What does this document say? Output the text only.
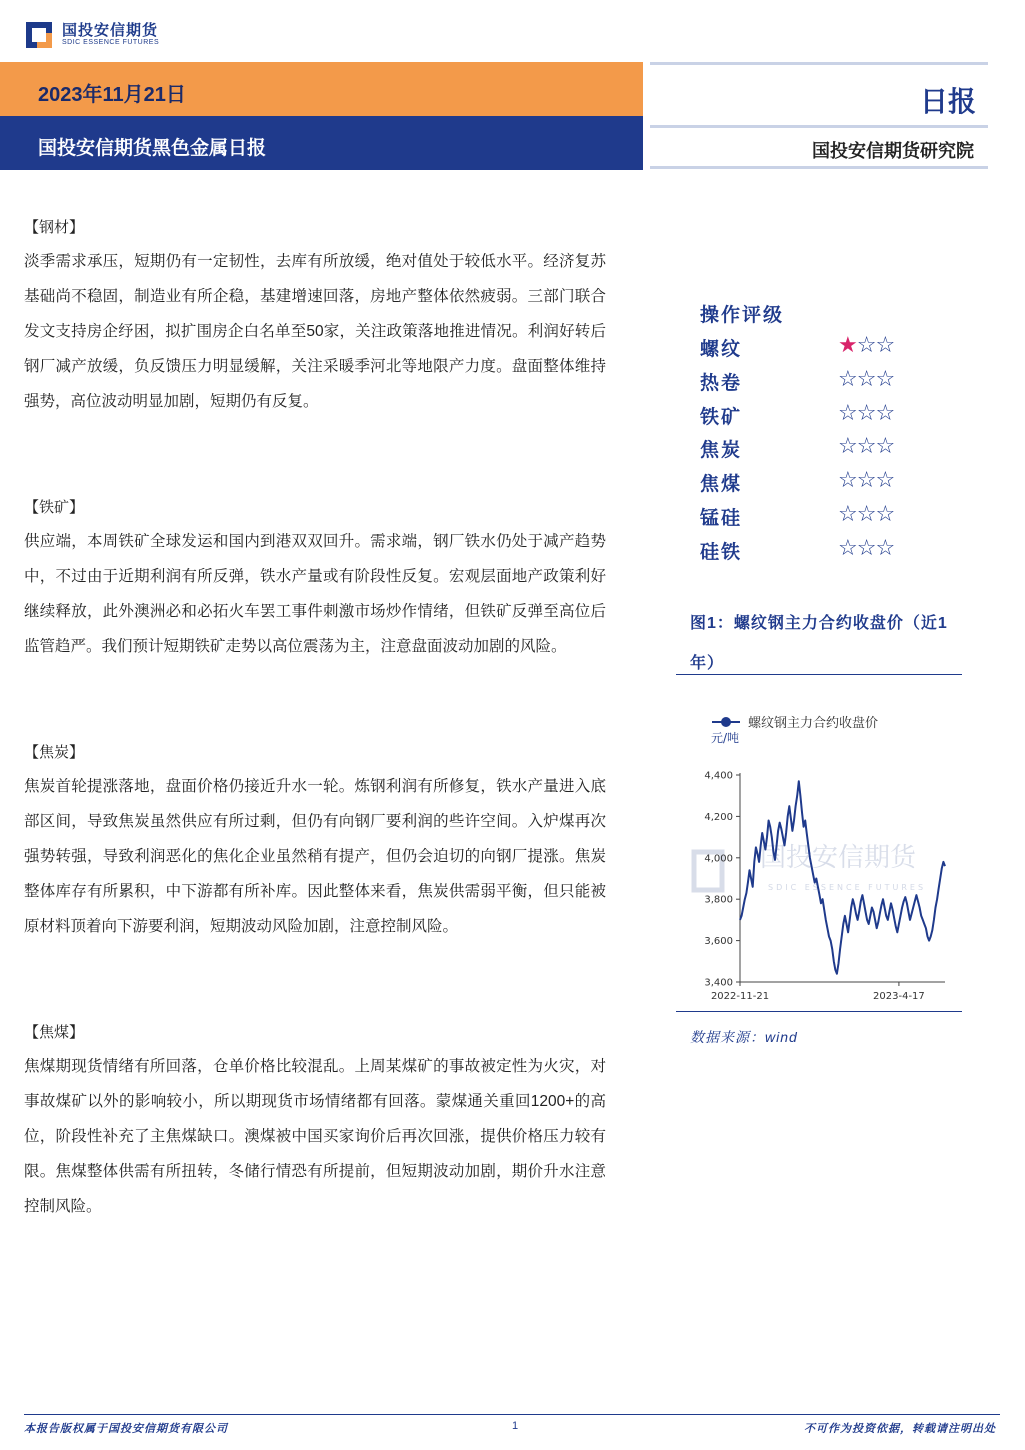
国投安信期货
SDIC ESSENCE FUTURES
2023年11月21日
国投安信期货黑色金属日报
日报
国投安信期货研究院
【钢材】

淡季需求承压，短期仍有一定韧性，去库有所放缓，绝对值处于较低水平。经济复苏基础尚不稳固，制造业有所企稳，基建增速回落，房地产整体依然疲弱。三部门联合发文支持房企纾困，拟扩围房企白名单至50家，关注政策落地推进情况。利润好转后钢厂减产放缓，负反馈压力明显缓解，关注采暖季河北等地限产力度。盘面整体维持强势，高位波动明显加剧，短期仍有反复。

【铁矿】

供应端，本周铁矿全球发运和国内到港双双回升。需求端，钢厂铁水仍处于减产趋势中，不过由于近期利润有所反弹，铁水产量或有阶段性反复。宏观层面地产政策利好继续释放，此外澳洲必和必拓火车罢工事件刺激市场炒作情绪，但铁矿反弹至高位后监管趋严。我们预计短期铁矿走势以高位震荡为主，注意盘面波动加剧的风险。

【焦炭】

焦炭首轮提涨落地，盘面价格仍接近升水一轮。炼钢利润有所修复，铁水产量进入底部区间，导致焦炭虽然供应有所过剩，但仍有向钢厂要利润的些许空间。入炉煤再次强势转强，导致利润恶化的焦化企业虽然稍有提产，但仍会迫切的向钢厂提涨。焦炭整体库存有所累积，中下游都有所补库。因此整体来看，焦炭供需弱平衡，但只能被原材料顶着向下游要利润，短期波动风险加剧，注意控制风险。

【焦煤】

焦煤期现货情绪有所回落，仓单价格比较混乱。上周某煤矿的事故被定性为火灾，对事故煤矿以外的影响较小，所以期现货市场情绪都有回落。蒙煤通关重回1200+的高位，阶段性补充了主焦煤缺口。澳煤被中国买家询价后再次回涨，提供价格压力较有限。焦煤整体供需有所扭转，冬储行情恐有所提前，但短期波动加剧，期价升水注意控制风险。

操作评级
螺纹	★☆☆
热卷	☆☆☆
铁矿	☆☆☆
焦炭	☆☆☆
焦煤	☆☆☆
锰硅	☆☆☆
硅铁	☆☆☆
图1：螺纹钢主力合约收盘价（近1年）
国投安信期货
SDIC ESSENCE FUTURES
螺纹钢主力合约收盘价
元/吨
3,400
3,600
3,800
4,000
4,200
4,400
2022-11-21	2023-4-17
数据来源：wind
本报告版权属于国投安信期货有限公司	1	不可作为投资依据，转载请注明出处
